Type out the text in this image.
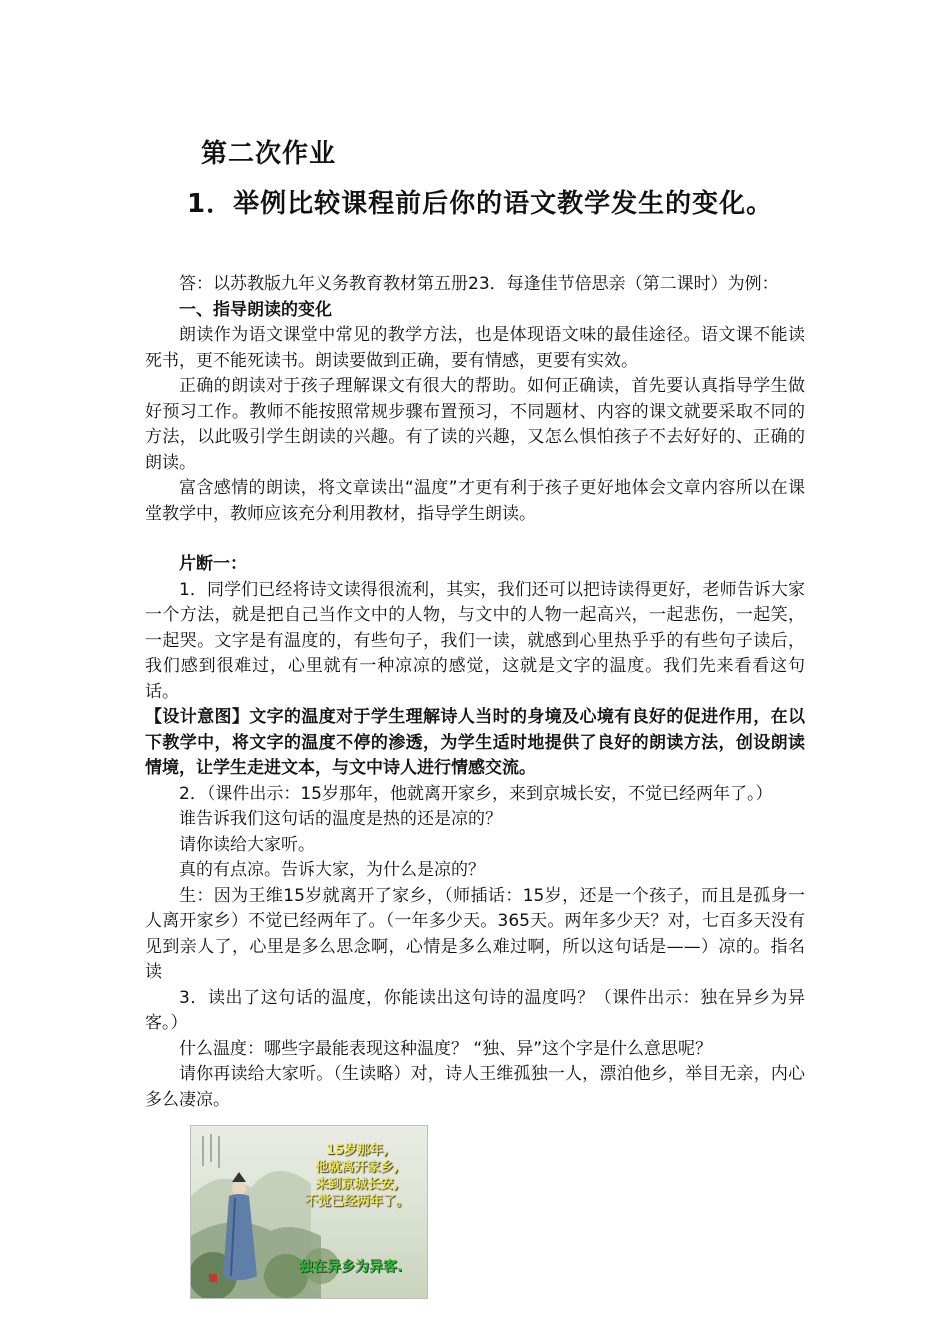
第二次作业
1．举例比较课程前后你的语文教学发生的变化。

答：以苏教版九年义务教育教材第五册23．每逢佳节倍思亲（第二课时）为例：

一、指导朗读的变化

朗读作为语文课堂中常见的教学方法，也是体现语文味的最佳途径。语文课不能读死书，更不能死读书。朗读要做到正确，要有情感，更要有实效。

正确的朗读对于孩子理解课文有很大的帮助。如何正确读，首先要认真指导学生做好预习工作。教师不能按照常规步骤布置预习，不同题材、内容的课文就要采取不同的方法，以此吸引学生朗读的兴趣。有了读的兴趣，又怎么惧怕孩子不去好好的、正确的朗读。

富含感情的朗读，将文章读出“温度”才更有利于孩子更好地体会文章内容所以在课堂教学中，教师应该充分利用教材，指导学生朗读。

片断一：

1．同学们已经将诗文读得很流利，其实，我们还可以把诗读得更好，老师告诉大家一个方法，就是把自己当作文中的人物，与文中的人物一起高兴，一起悲伤，一起笑，一起哭。文字是有温度的，有些句子，我们一读，就感到心里热乎乎的有些句子读后，我们感到很难过，心里就有一种凉凉的感觉，这就是文字的温度。我们先来看看这句话。

【设计意图】文字的温度对于学生理解诗人当时的身境及心境有良好的促进作用，在以下教学中，将文字的温度不停的渗透，为学生适时地提供了良好的朗读方法，创设朗读情境，让学生走进文本，与文中诗人进行情感交流。

2．（课件出示：15岁那年，他就离开家乡，来到京城长安，不觉已经两年了。）

谁告诉我们这句话的温度是热的还是凉的？

请你读给大家听。

真的有点凉。告诉大家，为什么是凉的？

生：因为王维15岁就离开了家乡，（师插话：15岁，还是一个孩子，而且是孤身一人离开家乡）不觉已经两年了。（一年多少天。365天。两年多少天？对，七百多天没有见到亲人了，心里是多么思念啊，心情是多么难过啊，所以这句话是——）凉的。指名读

3．读出了这句话的温度，你能读出这句诗的温度吗？（课件出示：独在异乡为异客。）

什么温度：哪些字最能表现这种温度？ “独、异”这个字是什么意思呢？

请你再读给大家听。（生读略）对，诗人王维孤独一人，漂泊他乡，举目无亲，内心多么凄凉。

15岁那年,
他就离开家乡,
来到京城长安,
不觉已经两年了。
独在异乡为异客.
